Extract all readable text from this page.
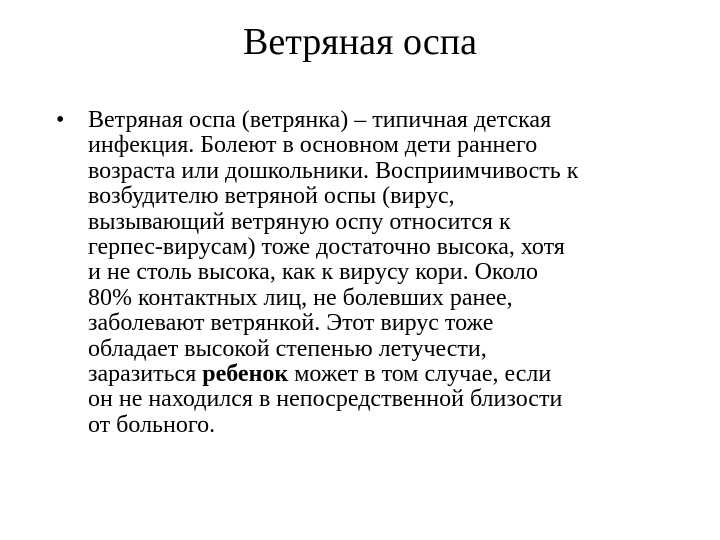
Ветряная оспа
• Ветряная оспа (ветрянка) – типичная детская
инфекция. Болеют в основном дети раннего
возраста или дошкольники. Восприимчивость к
возбудителю ветряной оспы (вирус,
вызывающий ветряную оспу относится к
герпес-вирусам) тоже достаточно высока, хотя
и не столь высока, как к вирусу кори. Около
80% контактных лиц, не болевших ранее,
заболевают ветрянкой. Этот вирус тоже
обладает высокой степенью летучести,
заразиться ребенок может в том случае, если
он не находился в непосредственной близости
от больного.
